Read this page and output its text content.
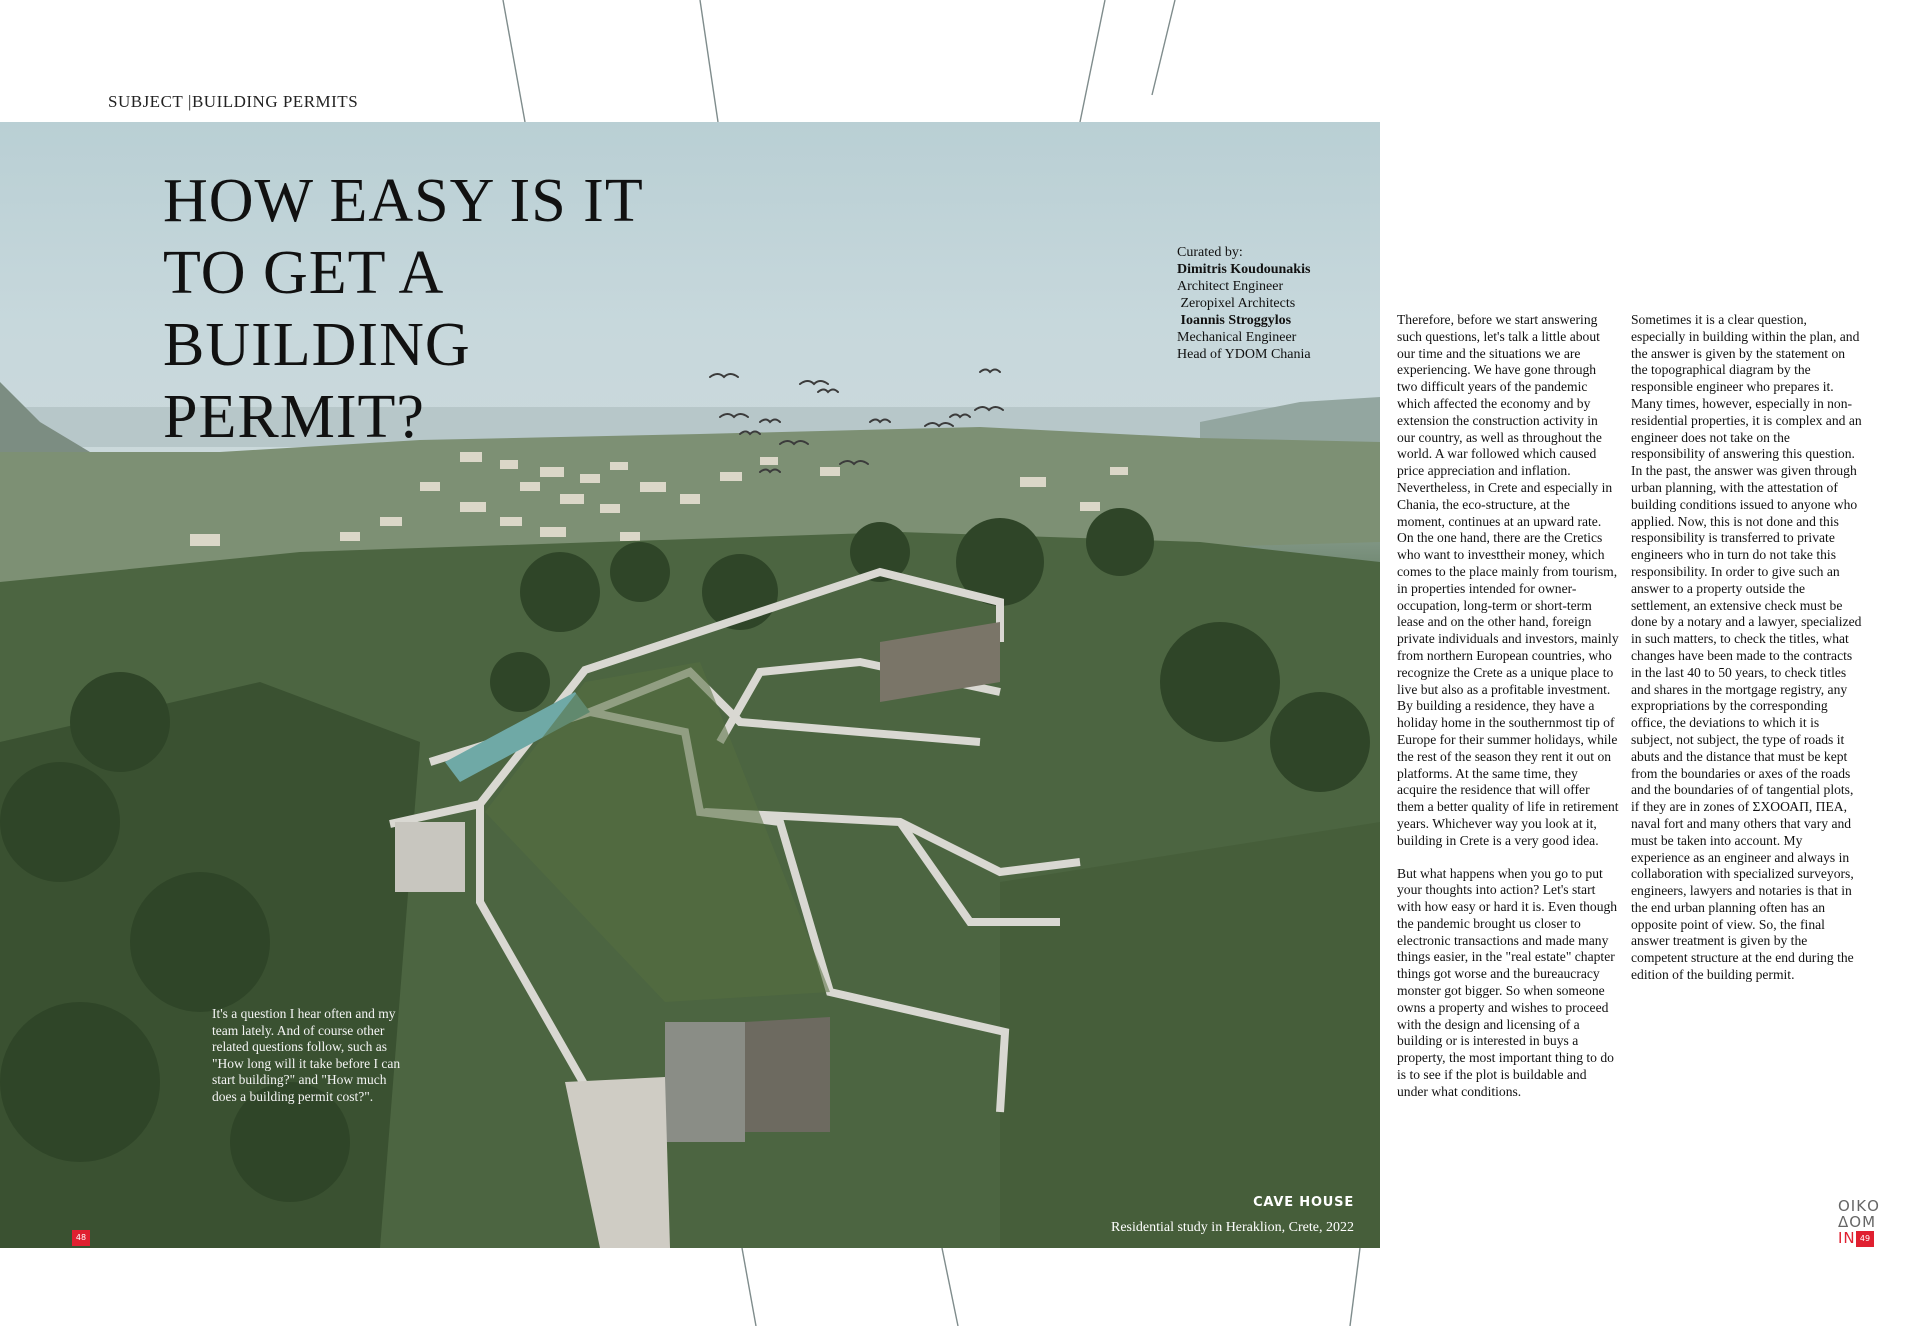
SUBJECT |BUILDING PERMITS
CAVE HOUSE
Residential study in Heraklion, Crete, 2022
HOW EASY IS IT
TO GET A
BUILDING
PERMIT?
Curated by:
Dimitris Koudounakis
Architect Engineer
Zeropixel Architects
Ioannis Stroggylos
Mechanical Engineer
Head of YDOM Chania
It's a question I hear often and my team lately. And of course other related questions follow, such as "How long will it take before I can start building?" and "How much does a building permit cost?".

Therefore, before we start answering such questions, let's talk a little about our time and the situations we are experiencing. We have gone through two difficult years of the pandemic which affected the economy and by extension the construction activity in our country, as well as throughout the world. A war followed which caused price appreciation and inflation. Nevertheless, in Crete and especially in Chania, the eco-structure, at the moment, continues at an upward rate. On the one hand, there are the Cretics who want to investtheir money, which comes to the place mainly from tourism, in properties intended for owner-occupation, long-term or short-term lease and on the other hand, foreign private individuals and investors, mainly from northern European countries, who recognize the Crete as a unique place to live but also as a profitable investment. By building a residence, they have a holiday home in the southernmost tip of Europe for their summer holidays, while the rest of the season they rent it out on platforms. At the same time, they acquire the residence that will offer them a better quality of life in retirement years. Whichever way you look at it, building in Crete is a very good idea.

But what happens when you go to put your thoughts into action? Let's start with how easy or hard it is. Even though the pandemic brought us closer to electronic transactions and made many things easier, in the "real estate" chapter things got worse and the bureaucracy monster got bigger. So when someone owns a property and wishes to proceed with the design and licensing of a building or is interested in buys a property, the most important thing to do is to see if the plot is buildable and under what conditions.

Sometimes it is a clear question, especially in building within the plan, and the answer is given by the statement on the topographical diagram by the responsible engineer who prepares it. Many times, however, especially in non-residential properties, it is complex and an engineer does not take on the responsibility of answering this question. In the past, the answer was given through urban planning, with the attestation of building conditions issued to anyone who applied. Now, this is not done and this responsibility is transferred to private engineers who in turn do not take this responsibility. In order to give such an answer to a property outside the settlement, an extensive check must be done by a notary and a lawyer, specialized in such matters, to check the titles, what changes have been made to the contracts in the last 40 to 50 years, to check titles and shares in the mortgage registry, any expropriations by the corresponding office, the deviations to which it is subject, not subject, the type of roads it abuts and the distance that must be kept from the boundaries or axes of the roads and the boundaries of of tangential plots, if they are in zones of ΣΧΟΟΑΠ, ΠΕΑ, naval fort and many others that vary and must be taken into account. My experience as an engineer and always in collaboration with specialized surveyors, engineers, lawyers and notaries is that in the end urban planning often has an opposite point of view. So, the final answer treatment is given by the competent structure at the end during the edition of the building permit.

48
ΟΙΚΟ
ΔΟΜ
IN 49
